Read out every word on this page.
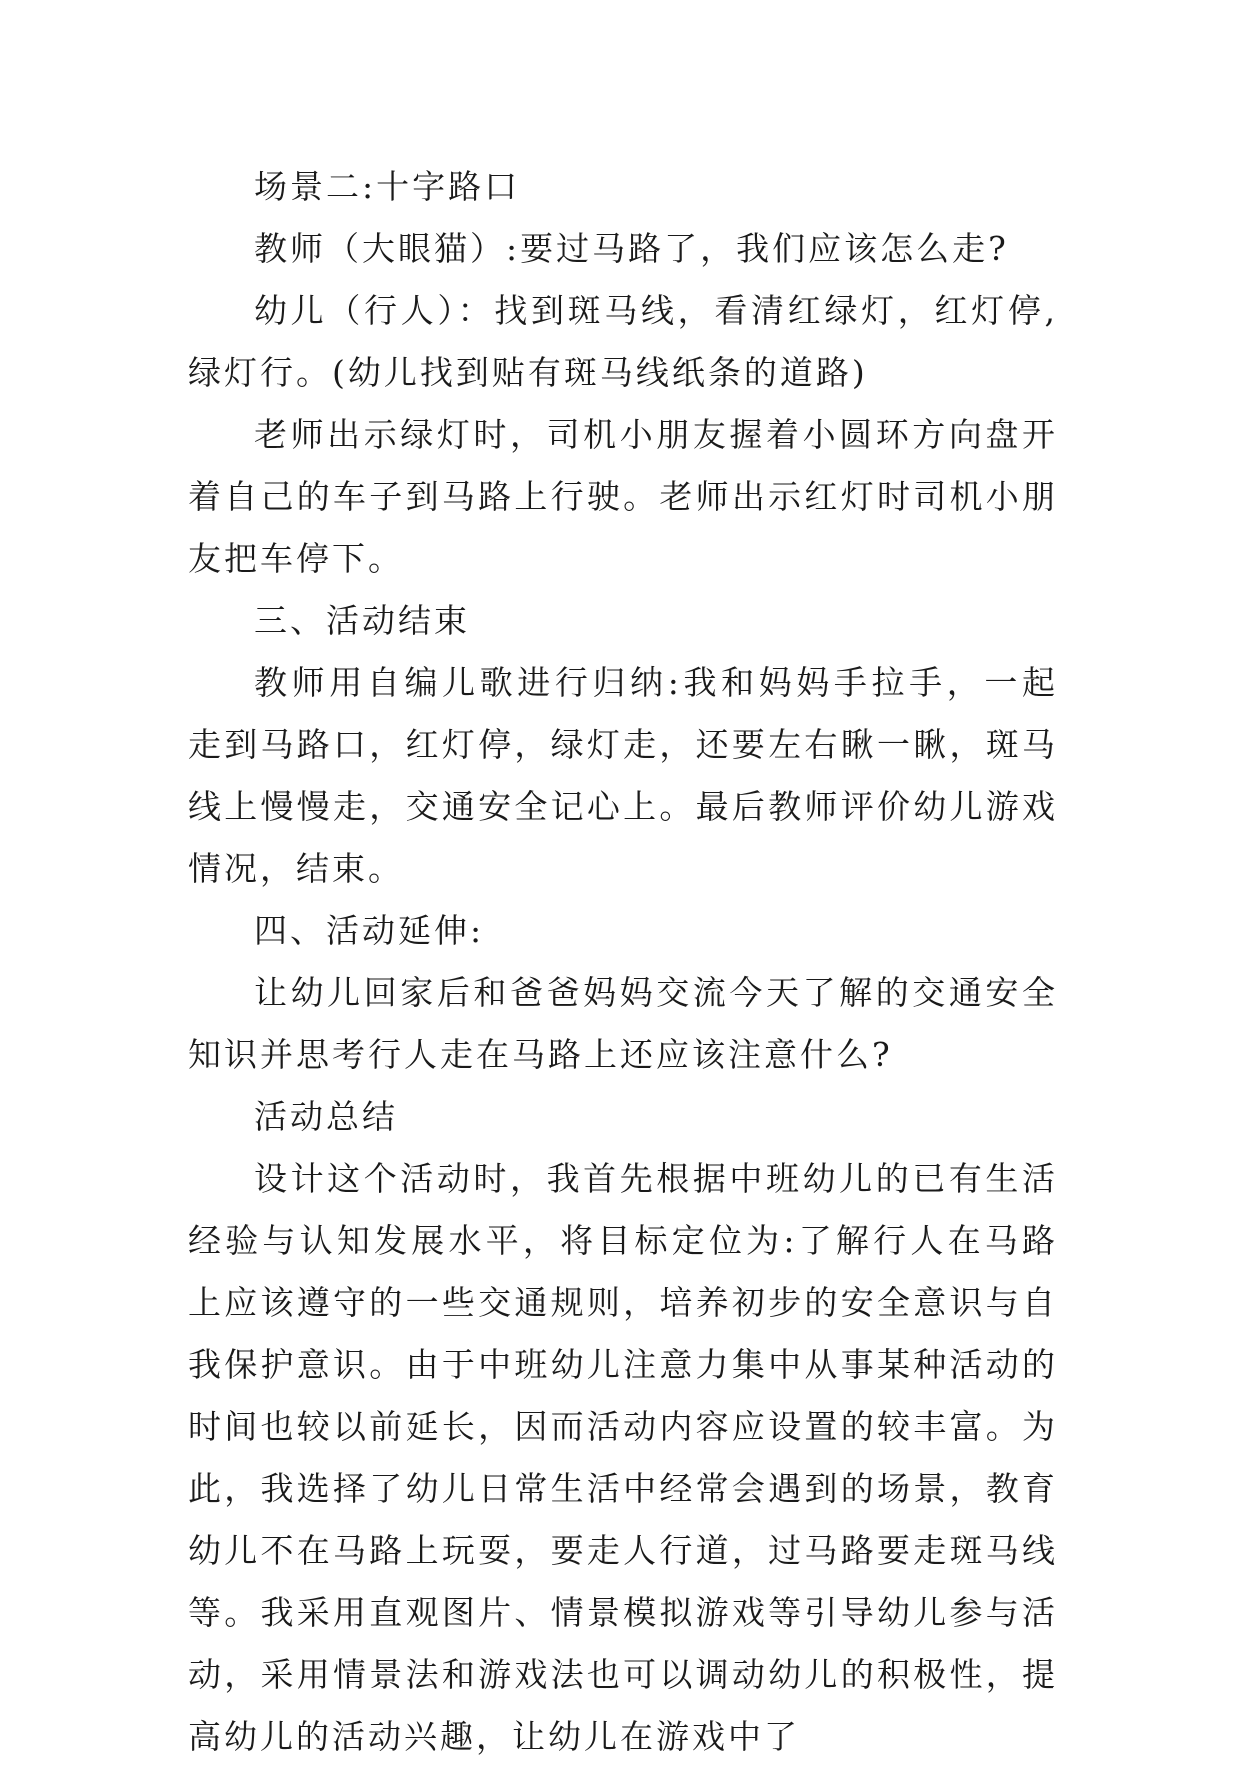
场景二:十字路口

教师（大眼猫）:要过马路了，我们应该怎么走?

幼儿（行人）：找到斑马线，看清红绿灯，红灯停,绿灯行。(幼儿找到贴有斑马线纸条的道路)

老师出示绿灯时，司机小朋友握着小圆环方向盘开着自己的车子到马路上行驶。老师出示红灯时司机小朋友把车停下。

三、活动结束

教师用自编儿歌进行归纳:我和妈妈手拉手，一起走到马路口，红灯停，绿灯走，还要左右瞅一瞅，斑马线上慢慢走，交通安全记心上。最后教师评价幼儿游戏情况，结束。

四、活动延伸:

让幼儿回家后和爸爸妈妈交流今天了解的交通安全知识并思考行人走在马路上还应该注意什么?

活动总结

设计这个活动时，我首先根据中班幼儿的已有生活经验与认知发展水平，将目标定位为:了解行人在马路上应该遵守的一些交通规则，培养初步的安全意识与自我保护意识。由于中班幼儿注意力集中从事某种活动的时间也较以前延长，因而活动内容应设置的较丰富。为此，我选择了幼儿日常生活中经常会遇到的场景，教育幼儿不在马路上玩耍，要走人行道，过马路要走斑马线等。我采用直观图片、情景模拟游戏等引导幼儿参与活动，采用情景法和游戏法也可以调动幼儿的积极性，提高幼儿的活动兴趣，让幼儿在游戏中了
